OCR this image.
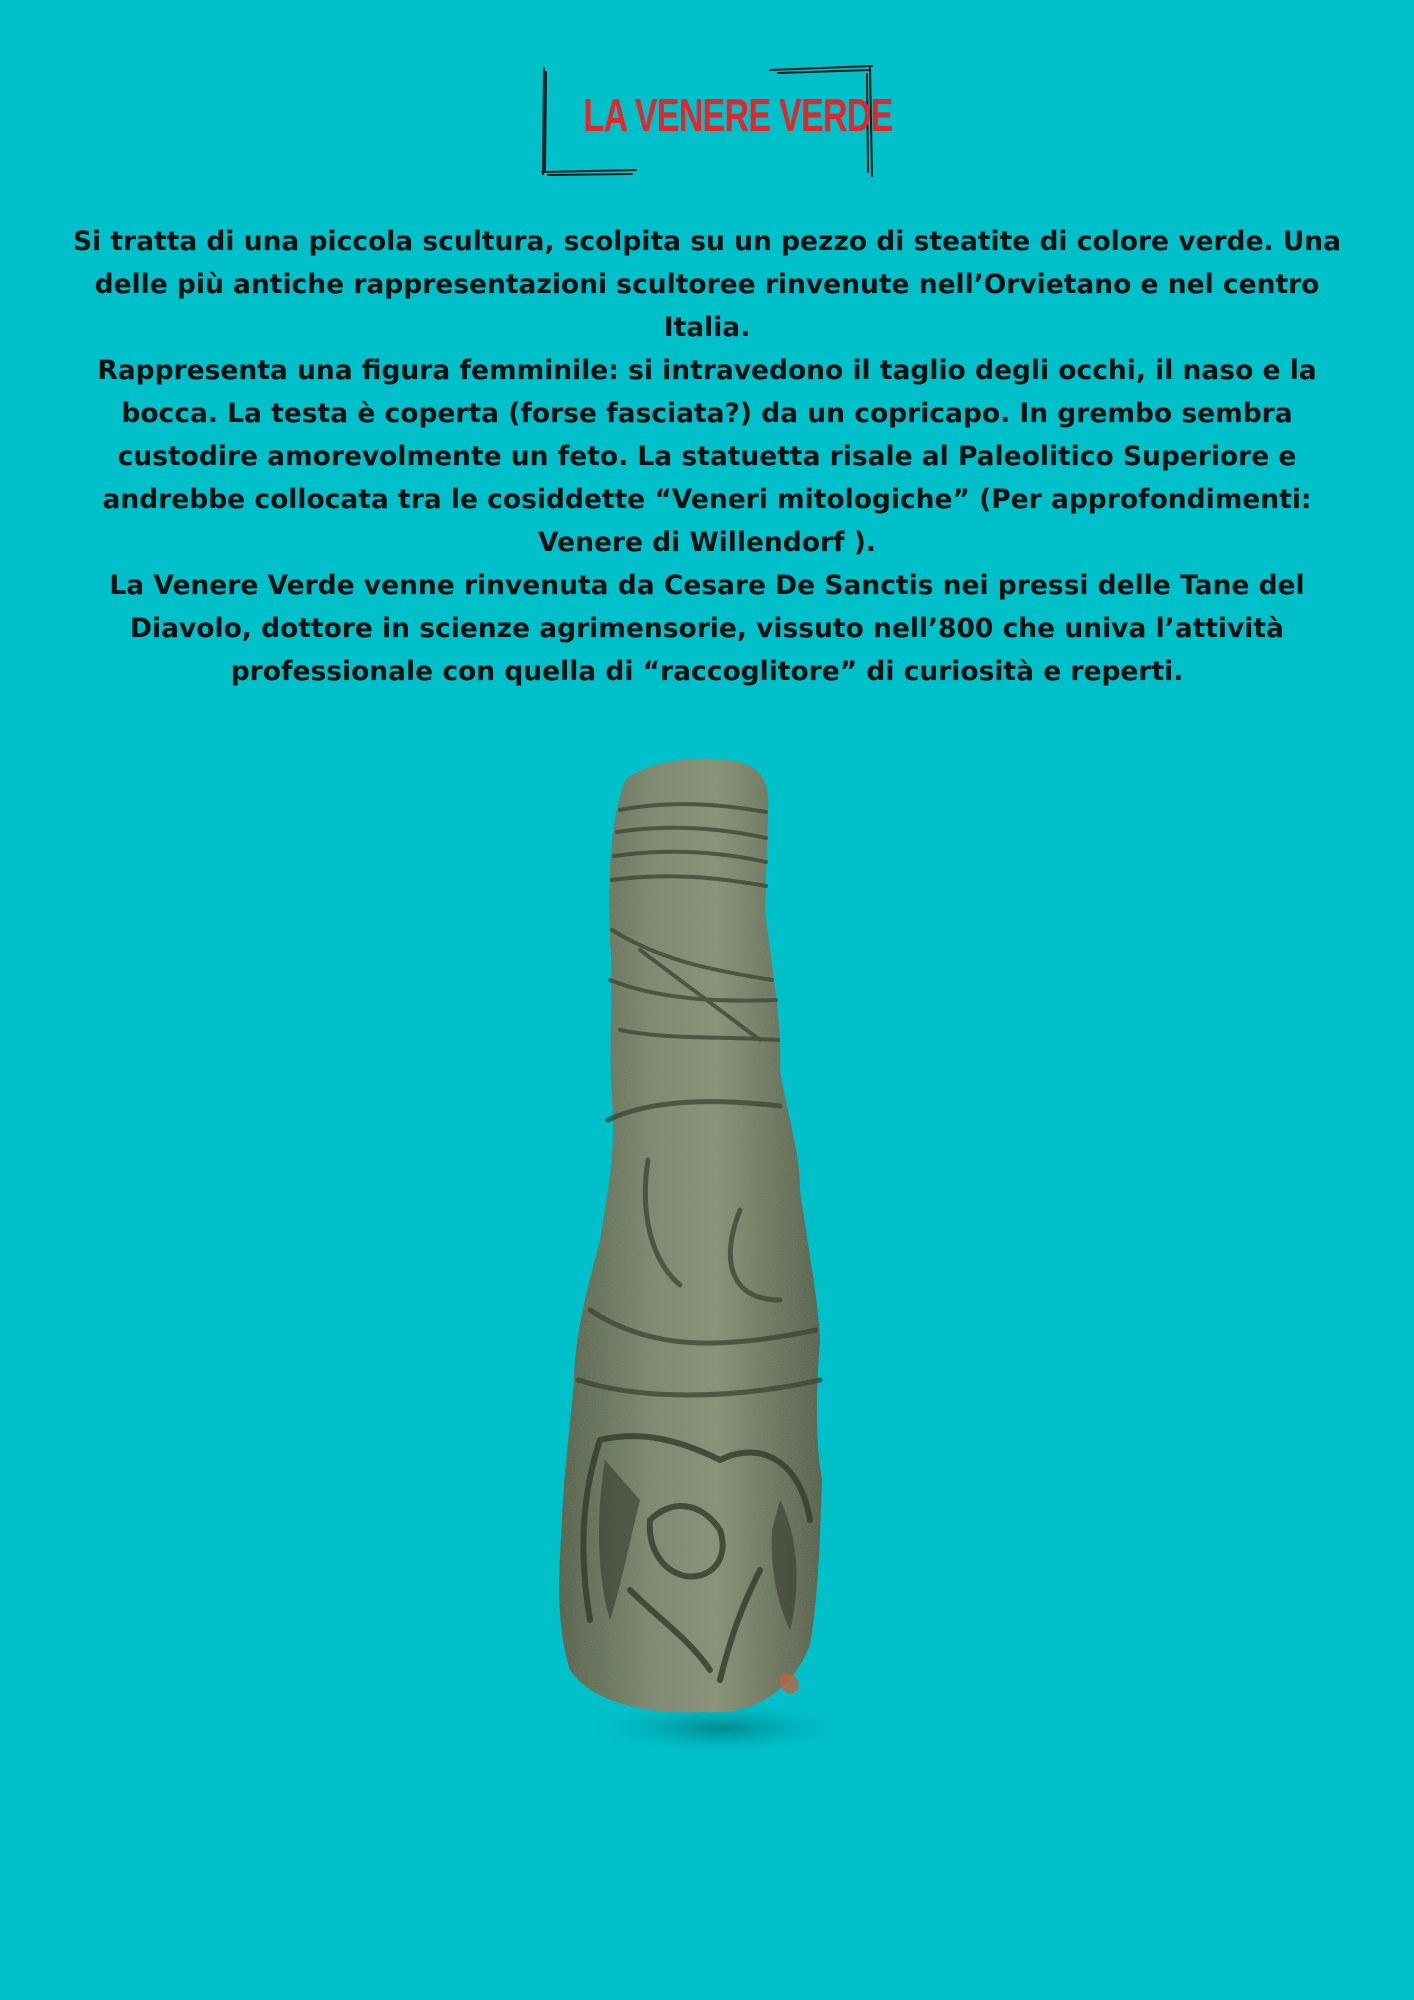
LA VENERE VERDE

Si tratta di una piccola scultura, scolpita su un pezzo di steatite di colore verde. Una delle più antiche rappresentazioni scultoree rinvenute nell’Orvietano e nel centro Italia.

Rappresenta una figura femminile: si intravedono il taglio degli occhi, il naso e la bocca. La testa è coperta (forse fasciata?) da un copricapo. In grembo sembra custodire amorevolmente un feto. La statuetta risale al Paleolitico Superiore e andrebbe collocata tra le cosiddette “Veneri mitologiche” (Per approfondimenti: Venere di Willendorf ).

La Venere Verde venne rinvenuta da Cesare De Sanctis nei pressi delle Tane del Diavolo, dottore in scienze agrimensorie, vissuto nell’800 che univa l’attività professionale con quella di “raccoglitore” di curiosità e reperti.
